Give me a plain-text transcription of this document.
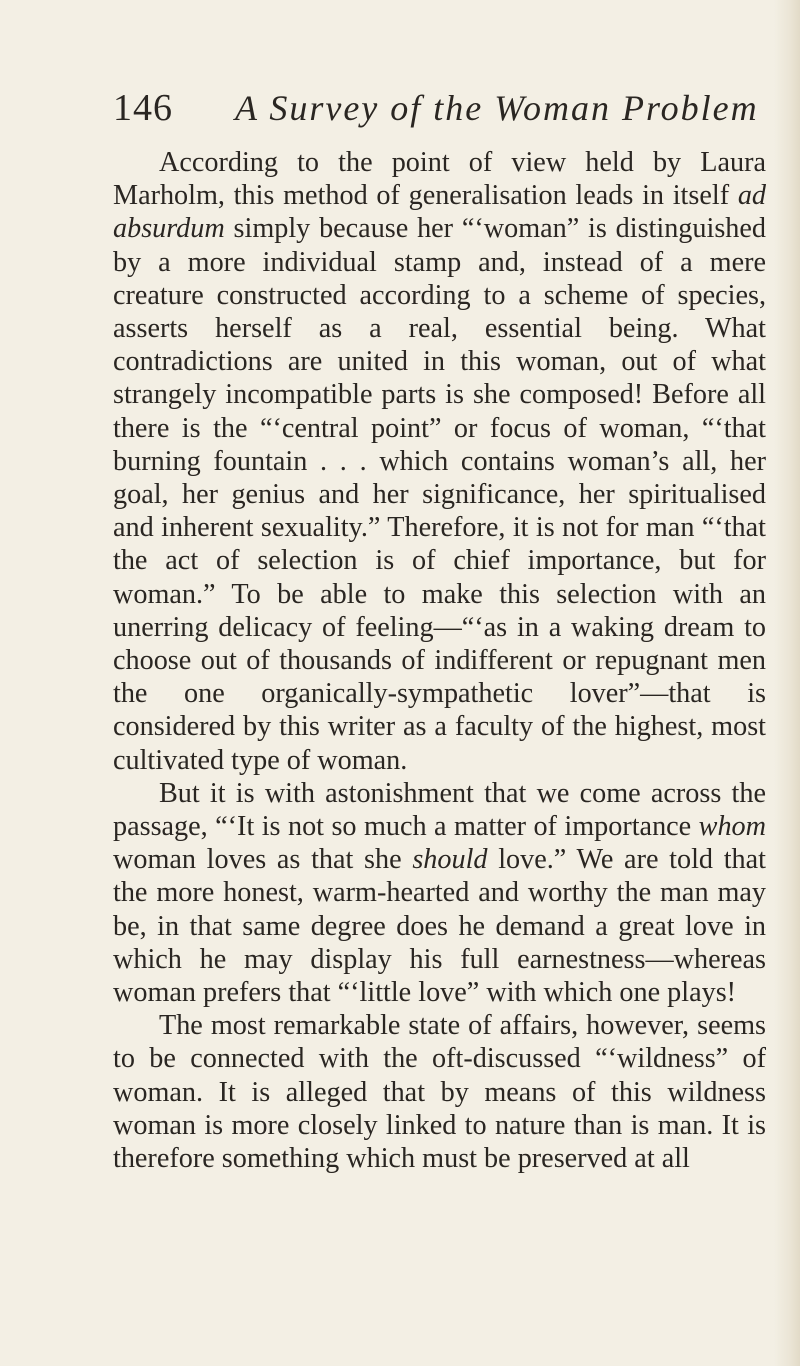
146 A Survey of the Woman Problem

According to the point of view held by Laura Marholm, this method of generalisation leads in itself ad absurdum simply because her “‘woman” is distinguished by a more individual stamp and, instead of a mere creature constructed according to a scheme of species, asserts herself as a real, essential being. What contradictions are united in this woman, out of what strangely incompatible parts is she composed! Before all there is the “‘central point” or focus of woman, “‘that burning fountain . . . which contains woman’s all, her goal, her genius and her significance, her spiritualised and inherent sexuality.” Therefore, it is not for man “‘that the act of selection is of chief importance, but for woman.” To be able to make this selection with an unerring delicacy of feeling—“‘as in a waking dream to choose out of thousands of indifferent or repugnant men the one organically-sympathetic lover”—that is considered by this writer as a faculty of the highest, most cultivated type of woman.

But it is with astonishment that we come across the passage, “‘It is not so much a matter of importance whom woman loves as that she should love.” We are told that the more honest, warm-hearted and worthy the man may be, in that same degree does he demand a great love in which he may display his full earnestness—whereas woman prefers that “‘little love” with which one plays!

The most remarkable state of affairs, however, seems to be connected with the oft-discussed “‘wildness” of woman. It is alleged that by means of this wildness woman is more closely linked to nature than is man. It is therefore something which must be preserved at all
